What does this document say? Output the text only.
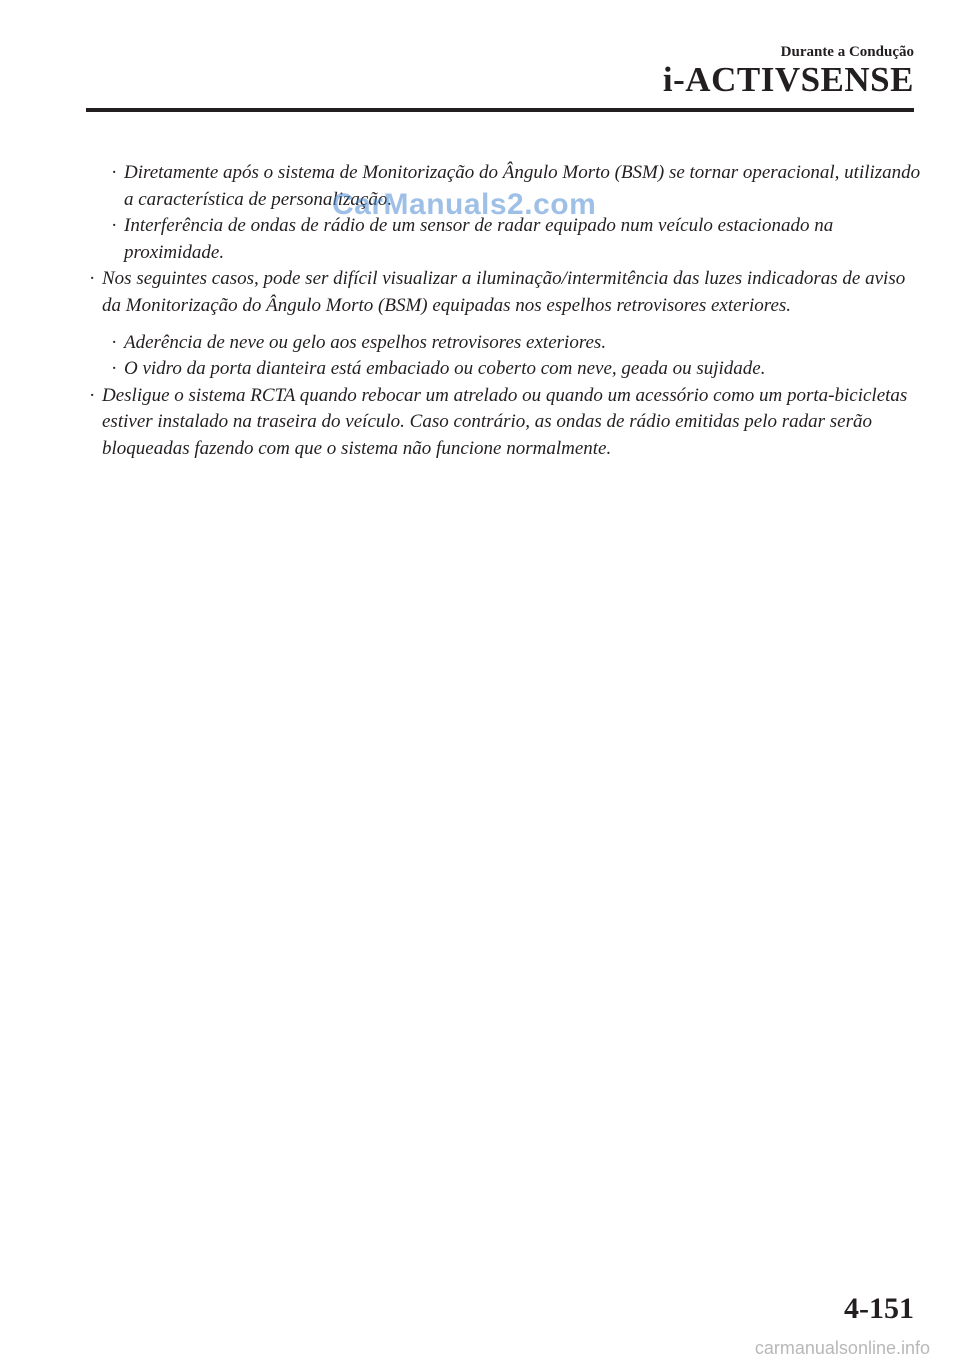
Durante a Condução
i-ACTIVSENSE
· Diretamente após o sistema de Monitorização do Ângulo Morto (BSM) se tornar operacional, utilizando a característica de personalização.
· Interferência de ondas de rádio de um sensor de radar equipado num veículo estacionado na proximidade.
· Nos seguintes casos, pode ser difícil visualizar a iluminação/intermitência das luzes indicadoras de aviso da Monitorização do Ângulo Morto (BSM) equipadas nos espelhos retrovisores exteriores.
· Aderência de neve ou gelo aos espelhos retrovisores exteriores.
· O vidro da porta dianteira está embaciado ou coberto com neve, geada ou sujidade.
· Desligue o sistema RCTA quando rebocar um atrelado ou quando um acessório como um porta-bicicletas estiver instalado na traseira do veículo. Caso contrário, as ondas de rádio emitidas pelo radar serão bloqueadas fazendo com que o sistema não funcione normalmente.
CarManuals2.com
4-151
carmanualsonline.info
